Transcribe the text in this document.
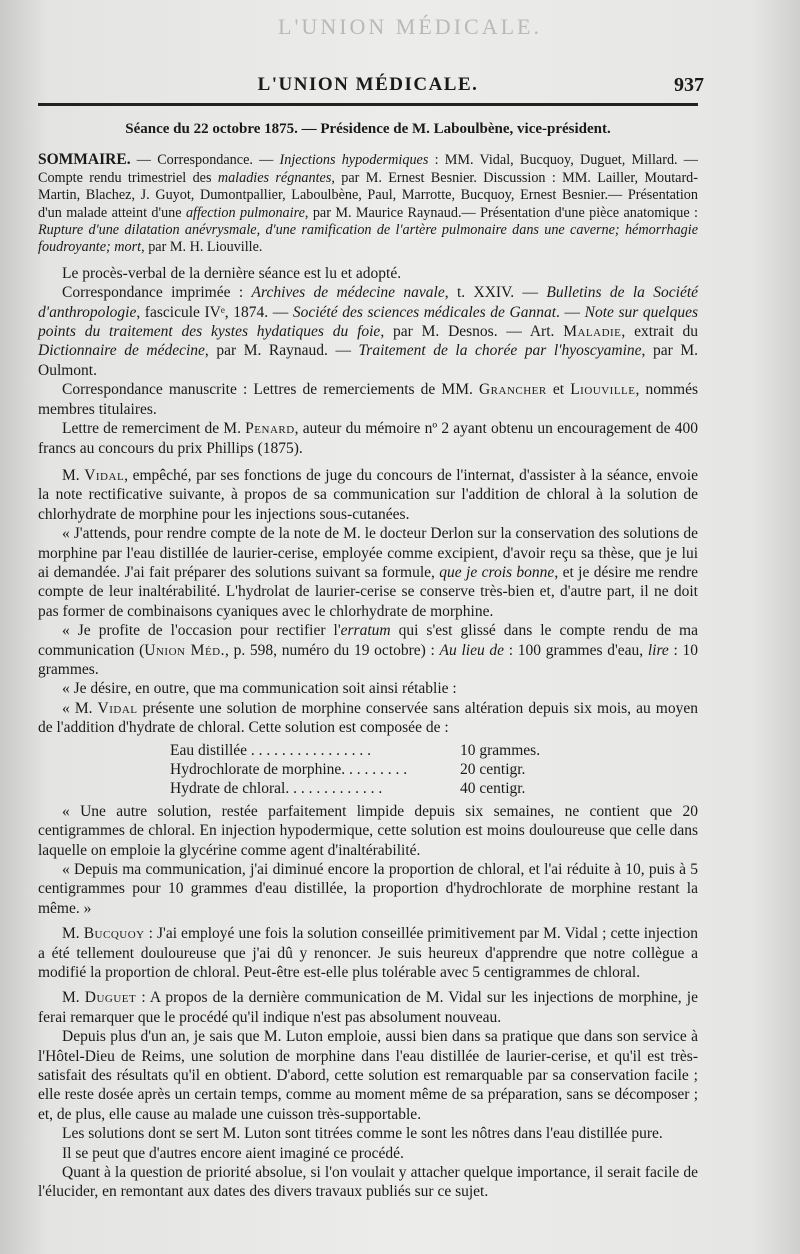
L'UNION MÉDICALE.
L'UNION MÉDICALE.	937

Séance du 22 octobre 1875. — Présidence de M. Laboulbène, vice-président.

SOMMAIRE. — Correspondance. — Injections hypodermiques : MM. Vidal, Bucquoy, Duguet, Millard. — Compte rendu trimestriel des maladies régnantes, par M. Ernest Besnier. Discussion : MM. Lailler, Moutard-Martin, Blachez, J. Guyot, Dumontpallier, Laboulbène, Paul, Marrotte, Bucquoy, Ernest Besnier.— Présentation d'un malade atteint d'une affection pulmonaire, par M. Maurice Raynaud.— Présentation d'une pièce anatomique : Rupture d'une dilatation anévrysmale, d'une ramification de l'artère pulmonaire dans une caverne; hémorrhagie foudroyante; mort, par M. H. Liouville.

Le procès-verbal de la dernière séance est lu et adopté.

Correspondance imprimée : Archives de médecine navale, t. XXIV. — Bulletins de la Société d'anthropologie, fascicule IVᵉ, 1874. — Société des sciences médicales de Gannat. — Note sur quelques points du traitement des kystes hydatiques du foie, par M. Desnos. — Art. Maladie, extrait du Dictionnaire de médecine, par M. Raynaud. — Traitement de la chorée par l'hyoscyamine, par M. Oulmont.

Correspondance manuscrite : Lettres de remerciements de MM. Grancher et Liouville, nommés membres titulaires.

Lettre de remerciment de M. Penard, auteur du mémoire nº 2 ayant obtenu un encouragement de 400 francs au concours du prix Phillips (1875).

M. Vidal, empêché, par ses fonctions de juge du concours de l'internat, d'assister à la séance, envoie la note rectificative suivante, à propos de sa communication sur l'addition de chloral à la solution de chlorhydrate de morphine pour les injections sous-cutanées.

« J'attends, pour rendre compte de la note de M. le docteur Derlon sur la conservation des solutions de morphine par l'eau distillée de laurier-cerise, employée comme excipient, d'avoir reçu sa thèse, que je lui ai demandée. J'ai fait préparer des solutions suivant sa formule, que je crois bonne, et je désire me rendre compte de leur inaltérabilité. L'hydrolat de laurier-cerise se conserve très-bien et, d'autre part, il ne doit pas former de combinaisons cyaniques avec le chlorhydrate de morphine.

« Je profite de l'occasion pour rectifier l'erratum qui s'est glissé dans le compte rendu de ma communication (Union Méd., p. 598, numéro du 19 octobre) : Au lieu de : 100 grammes d'eau, lire : 10 grammes.

« Je désire, en outre, que ma communication soit ainsi rétablie :

« M. Vidal présente une solution de morphine conservée sans altération depuis six mois, au moyen de l'addition d'hydrate de chloral. Cette solution est composée de :

Eau distillée . . . . . . . . . . . . . . . .	10 grammes.
Hydrochlorate de morphine. . . . . . . . .	20 centigr.
Hydrate de chloral. . . . . . . . . . . . .	40 centigr.

« Une autre solution, restée parfaitement limpide depuis six semaines, ne contient que 20 centigrammes de chloral. En injection hypodermique, cette solution est moins douloureuse que celle dans laquelle on emploie la glycérine comme agent d'inaltérabilité.

« Depuis ma communication, j'ai diminué encore la proportion de chloral, et l'ai réduite à 10, puis à 5 centigrammes pour 10 grammes d'eau distillée, la proportion d'hydrochlorate de morphine restant la même. »

M. Bucquoy : J'ai employé une fois la solution conseillée primitivement par M. Vidal ; cette injection a été tellement douloureuse que j'ai dû y renoncer. Je suis heureux d'apprendre que notre collègue a modifié la proportion de chloral. Peut-être est-elle plus tolérable avec 5 centigrammes de chloral.

M. Duguet : A propos de la dernière communication de M. Vidal sur les injections de morphine, je ferai remarquer que le procédé qu'il indique n'est pas absolument nouveau.

Depuis plus d'un an, je sais que M. Luton emploie, aussi bien dans sa pratique que dans son service à l'Hôtel-Dieu de Reims, une solution de morphine dans l'eau distillée de laurier-cerise, et qu'il est très-satisfait des résultats qu'il en obtient. D'abord, cette solution est remarquable par sa conservation facile ; elle reste dosée après un certain temps, comme au moment même de sa préparation, sans se décomposer ; et, de plus, elle cause au malade une cuisson très-supportable.

Les solutions dont se sert M. Luton sont titrées comme le sont les nôtres dans l'eau distillée pure.

Il se peut que d'autres encore aient imaginé ce procédé.

Quant à la question de priorité absolue, si l'on voulait y attacher quelque importance, il serait facile de l'élucider, en remontant aux dates des divers travaux publiés sur ce sujet.
